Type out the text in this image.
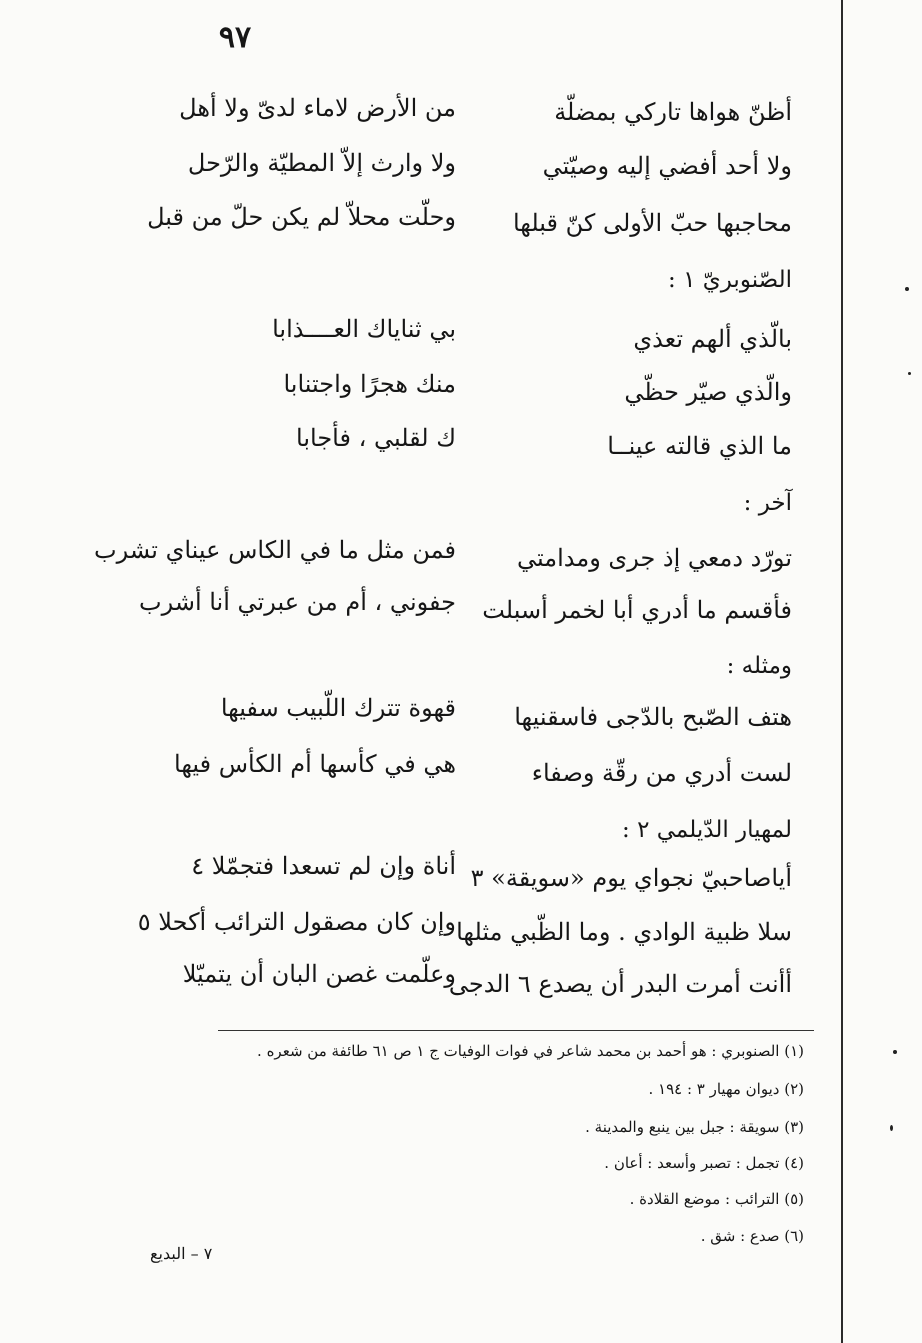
٩٧
أظنّ هواها تاركي بمضلّة
من الأرض لاماء لدىّ ولا أهل
ولا أحد أفضي إليه وصيّتي
ولا وارث إلاّ المطيّة والرّحل
محاجبها حبّ الأولى كنّ قبلها
وحلّت محلاّ لم يكن حلّ من قبل
الصّنوبريّ ١ :
بالّذي ألهم تعذي
بي ثناياك العــــذابا
والّذي صيّر حظّي
منك هجرًا واجتنابا
ما الذي قالته عينــا
ك لقلبي ، فأجابا
آخر :
تورّد دمعي إذ جرى ومدامتي
فمن مثل ما في الكاس عيناي تشرب
فأقسم ما أدري أبا لخمر أسبلت
جفوني ، أم من عبرتي أنا أشرب
ومثله :
هتف الصّبح بالدّجى فاسقنيها
قهوة تترك اللّبيب سفيها
لست أدري من رقّة وصفاء
هي في كأسها أم الكأس فيها
لمهيار الدّيلمي ٢ :
أياصاحبيّ نجواي يوم «سويقة» ٣
أناة وإن لم تسعدا فتجمّلا ٤
سلا ظبية الوادي . وما الظّبي مثلها
وإن كان مصقول الترائب أكحلا ٥
أأنت أمرت البدر أن يصدع ٦ الدجى
وعلّمت غصن البان أن يتميّلا
(١) الصنوبري : هو أحمد بن محمد شاعر في فوات الوفيات ج ١ ص ٦١ طائفة من شعره .
(٢) ديوان مهيار ٣ : ١٩٤ .
(٣) سويقة : جبل بين ينبع والمدينة .
(٤) تجمل : تصبر وأسعد : أعان .
(٥) الترائب : موضع القلادة .
(٦) صدع : شق .
٧ – البديع
